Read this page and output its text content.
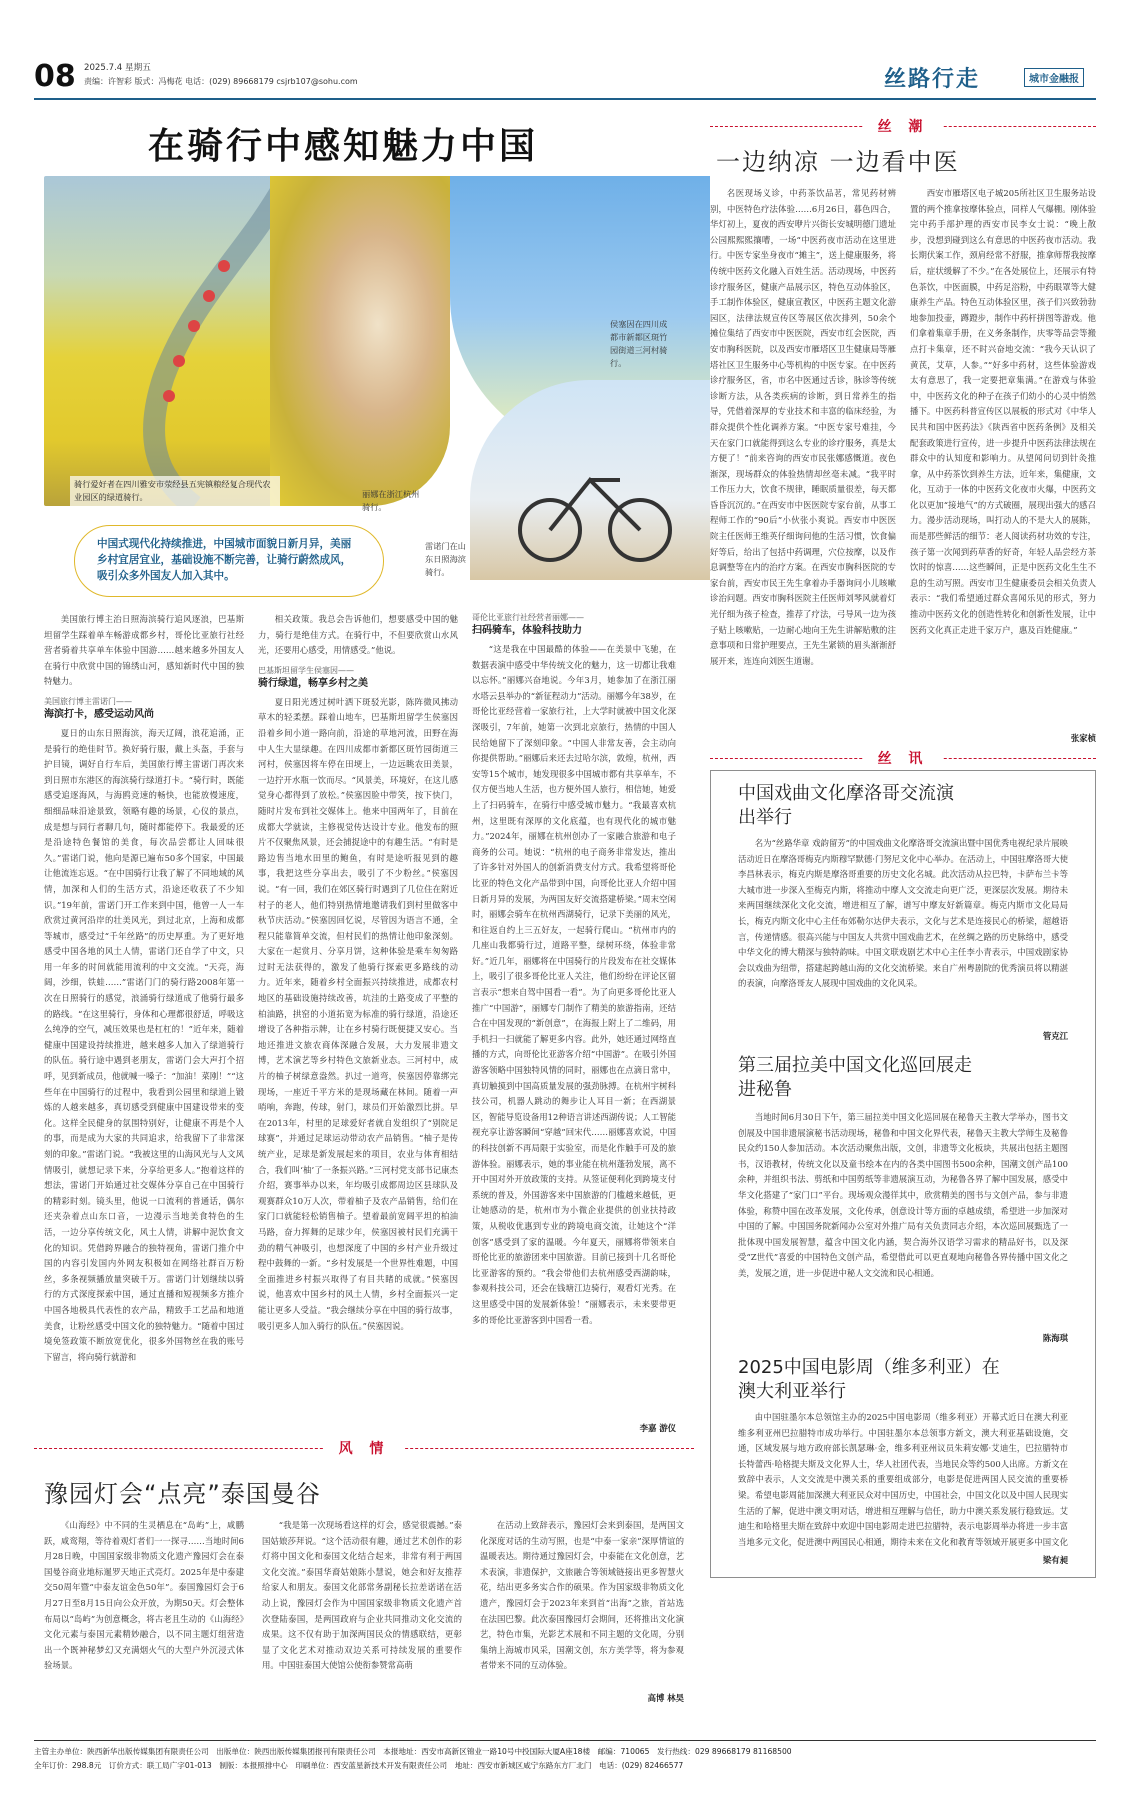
08 2025.7.4 星期五
责编：许智彩 版式：冯梅花 电话：(029) 89668179 csjrb107@sohu.com	丝路行走	城市金融报
在骑行中感知魅力中国
骑行爱好者在四川雅安市荥经县五宪镇粮经复合现代农业园区的绿道骑行。	丽娜在浙江杭州骑行。
侯塞因在四川成都市新都区斑竹园街道三河村骑行。
雷诺门在山东日照海滨骑行。
中国式现代化持续推进，中国城市面貌日新月异，美丽乡村宜居宜业，基础设施不断完善，让骑行蔚然成风，吸引众多外国友人加入其中。
美国旅行博主治日照海滨骑行追风逐浪，巴基斯坦留学生踩着单车畅游成都乡村，哥伦比亚旅行社经营者骑着共享单车体验中国游……越来越多外国友人在骑行中欣赏中国的锦绣山河，感知新时代中国的独特魅力。
美国旅行博主雷诺门——
海滨打卡，感受运动风尚
夏日的山东日照海滨，海天辽阔，浪花追涌，正是骑行的绝佳时节。换好骑行服，戴上头盔，手套与护目镜，调好自行车后，美国旅行博主雷诺门再次来到日照市东港区的海滨骑行绿道打卡。“骑行时，既能感受追逐海风，与海鸥竞速的畅快，也能放慢速度，细细品味沿途景致，领略有趣的场景，心仪的景点，成是想与同行者聊几句，随时都能停下。我最爱的还是沿途特色餐馆的美食，每次品尝都让人回味很久。”雷诺门说，他向是源已遍布50多个国家，中国最让他流连忘返。“在中国骑行让我了解了不同地域的风情，加深和人们的生活方式，沿途还收获了不少知识。”19年前，雷诺门开工作来到中国，他曾一人一车欣赏过黄河沿岸的壮美风光，到过北京，上海和成都等城市，感受过“千年丝路”的历史厚重。为了更好地感受中国各地的风土人情，雷诺门还自学了中文，只用一年多的时间就能用流利的中文交流。“天亮，海阔，沙细，铁蛙……”雷诺门门的骑行路2008年第一次在日照骑行的感觉，浪涌骑行绿道成了他骑行最多的路线。“在这里骑行，身体和心理都很舒适，呼吸这么纯净的空气，减压效果也是杠杠的！”近年来，随着健康中国建设持续推进，越来越多人加入了绿道骑行的队伍。骑行途中遇到老朋友，雷诺门会大声打个招呼，见到新成员，他就喊一嗓子：“加油！菜刚！”“这些年在中国骑行的过程中，我看到公园里和绿道上锻炼的人越来越多，真切感受到健康中国建设带来的变化。这样全民健身的氛围特别好，让健康不再是个人的事，而是成为大家的共同追求，给我留下了非常深刻的印象。”雷诺门说。“我被这里的山海风光与人文风情吸引，就想记录下来，分享给更多人。”抱着这样的想法，雷诺门开始通过社交媒体分享自己在中国骑行的精彩时刻。镜头里，他说一口流利的普通话，偶尔还夹杂着点山东口音，一边漫示当地美食特色的生活，一边分享传统文化，风土人情，讲解中泥饮食文化的知识。凭借跨界融合的独特视角，雷诺门推介中国的内容引发国内外网友积极如在网络社群百万粉丝，多条视频播放量突破千万。雷诺门计划继续以骑行的方式深度探索中国，通过直播和短视频多方推介中国各地极具代表性的农产品，精致手工艺品和地道美食，让粉丝感受中国文化的独特魅力。“随着中国过境免签政策不断放宽优化，很多外国物丝在我的账号下留言，将向骑行就游和
相关政策。我总会告诉他们，想要感受中国的魅力，骑行是绝佳方式。在骑行中，不但要欣赏山水风光，还要用心感受，用情感受。”他说。
巴基斯坦留学生侯塞因——
骑行绿道，畅享乡村之美
夏日阳光透过树叶洒下斑驳光影，陈阵微风拂动草木的轻柔摆。踩着山地车，巴基斯坦留学生侯塞因沿着乡间小道一路向前，沿途的草地河流，田野在海中人生大显绿趣。在四川成都市新都区斑竹园街道三河村，侯塞因将车停在田埂上，一边远眺农田美景，一边拧开水瓶一饮而尽。“风景美，环境好，在这儿感觉身心都得到了放松。”侯塞因脸中带笑，按下快门，随时片发布到社交媒体上。他来中国两年了，目前在成都大学就读，主修视觉传达设计专业。他发布的照片不仅聚焦风景，还会捕捉途中的有趣生活。“有时是路边售当地水田里的鲍鱼，有时是途听报见到的趣事，我把这些分享出去，吸引了不少粉丝。”侯塞因说。“有一回，我们在郊区骑行时遇到了几位住在附近村子的老人，他们特别热情地邀请我们到村里做客中秋节庆活动。”侯塞因回忆说，尽管因为语言不通，全程只能靠简单交流，但村民们的热情让他印象深刻。大家在一起赏月、分享月饼，这种体验是乘车匆匆路过时无法获得的，激发了他骑行探索更多路线的动力。近年来，随着乡村全面振兴持续推进，成都农村地区的基础设施持续改善，坑洼的土路变成了平整的柏油路，拱窑的小道拓宽为标准的骑行绿道，沿途还增设了各种指示牌，让在乡村骑行既便捷又安心。当地还推进文旅农商体深融合发展，大力发展非遗文博，艺术演艺等乡村特色文旅新业态。三河村中，成片的柚子树绿意盎然。扒过一道弯，侯塞因停靠绑完现场，一座近千平方米的是现场藏在林间。随着一声哨响，奔跑，传球，射门，球员们开始激烈比拼。早在2013年，村里的足球爱好者就自发组织了“别院足球赛”，并通过足球运动带动农产品销售。“柚子是传统产业，足球是新发展起来的项目，农业与体育相结合，我们叫‘柚’了一条振兴路。”三河村党支部书记康杰介绍，赛事举办以来，年均吸引成都周边区县球队及观赛群众10万人次，带着柚子及农产品销售，给们在家门口就能轻松销售柚子。望着最前宽阔平坦的柏油马路，奋力挥舞的足球少年，侯塞因被村民们充满干劲的精气神吸引，也想深度了中国的乡村产业升级过程中鼓舞的一新。“乡村发展是一个世界性难题，中国全面推进乡村振兴取得了有目共睹的成就。”侯塞因说，他喜欢中国乡村的风土人情，乡村全面振兴一定能让更多人受益。“我会继续分享在中国的骑行故事，吸引更多人加入骑行的队伍。”侯塞因说。
哥伦比亚旅行社经营者丽娜——
扫码骑车，体验科技助力
“这是我在中国最酷的体验——在美景中飞驰，在数据表演中感受中华传统文化的魅力，这一切都让我难以忘怀。”丽娜兴奋地说。今年3月，她参加了在浙江丽水塔云县举办的“新征程动力”活动。丽娜今年38岁，在哥伦比亚经营着一家旅行社，上大学时就被中国文化深深吸引，7年前，她第一次到北京旅行，热情的中国人民给她留下了深刻印象。“中国人非常友善，会主动向你提供帮助。”丽娜后来还去过哈尔滨，敦煌，杭州，西安等15个城市，她发现很多中国城市都有共享单车，不仅方便当地人生活，也方便外国人旅行，相信她，她爱上了扫码骑车，在骑行中感受城市魅力。“我最喜欢杭州，这里既有深厚的文化底蕴，也有现代化的城市魅力。”2024年，丽娜在杭州创办了一家融合旅游和电子商务的公司。她说：“杭州的电子商务非常发达，推出了许多针对外国人的创新消费支付方式。我希望将哥伦比亚的特色文化产品带到中国，向哥伦比亚人介绍中国日新月异的发展，为两国友好交流搭建桥梁。”周末空闲时，丽娜会骑车在杭州西湖骑行，记录下美丽的风光，和往返自约上三五好友，一起骑行爬山。“杭州市内的几座山我都骑行过，道路平整，绿树环绕，体验非常好。”近几年，丽娜将在中国骑行的片段发布在社交媒体上，吸引了很多哥伦比亚人关注，他们纷纷在评论区留言表示“想来自驾中国看一看”。为了向更多哥伦比亚人推广“中国游”，丽娜专门制作了精美的旅游指南，还结合在中国发现的“新创意”，在海报上附上了二维码，用手机扫一扫就能了解更多内容。此外，她还通过网络直播的方式，向哥伦比亚游客介绍“中国游”。在吸引外国游客领略中国独特风情的同时，丽娜也在点滴日常中，真切触摸到中国高质量发展的强劲脉搏。在杭州宇树科技公司，机器人跳动的舞步让人耳目一新；在西湖景区，智能导览设备用12种语言讲述西湖传说；人工智能视充享让游客瞬间“穿越”回宋代……丽娜喜欢说，中国的科技创新不再局限于实验室，而是化作触手可及的旅游体验。丽娜表示，她的事业能在杭州蓬勃发展，离不开中国对外开放政策的支持。从签证便利化到跨境支付系统的普及，外国游客来中国旅游的门槛越来越低，更让她感动的是，杭州市为小微企业提供的创业扶持政策，从税收优惠到专业的跨境电商交流，让她这个“洋创客”感受到了家的温暖。今年夏天，丽娜将带领来自哥伦比亚的旅游团来中国旅游。目前已接到十几名哥伦比亚游客的预约。“我会带他们去杭州感受西湖韵味，参观科技公司，还会在钱塘江边骑行，观看灯光秀。在这里感受中国的发展新体验！”丽娜表示，未来要带更多的哥伦比亚游客到中国看一看。
李嘉 游仪
丝 潮
一边纳凉 一边看中医
名医现场义诊，中药茶饮品茗，常见药材辨别，中医特色疗法体验……6月26日，暮色四合，华灯初上，夏夜的西安咿片兴街长安城明德门遗址公园熙熙熙攘嘈，一场“中医药夜市活动在这里进行。中医专家坐身夜市“摊主”，送上健康服务，将传统中医药文化融入百姓生活。活动现场，中医药诊疗服务区，健康产品展示区，特色互动体验区，手工制作体验区，健康宣教区，中医药主题文化游园区，法律法规宣传区等展区依次排列，50余个摊位集结了西安市中医医院，西安市红会医院，西安市胸科医院，以及西安市雁塔区卫生健康局等雁塔社区卫生服务中心等机构的中医专家。在中医药诊疗服务区，省，市名中医通过舌诊，脉诊等传统诊断方法，从各类疾病的诊断，到日常养生的指导，凭借着深厚的专业技术和丰富的临床经验，为群众提供个性化调养方案。“中医专家号难挂，今天在家门口就能得到这么专业的诊疗服务，真是太方便了！”前来咨询的西安市民张娜感慨道。夜色渐深，现场群众的体验热情却丝毫未减。“我平时工作压力大，饮食不规律，睡眠质量很差，每天都昏昏沉沉的。”在西安市中医医院专家台前，从事工程师工作的“90后”小伙张小爽说。西安市中医医院主任医师王维英仔细询问他的生活习惯，饮食偏好等后，给出了包括中药调理，穴位按摩，以及作息调整等在内的治疗方案。在西安市胸科医院的专家台前，西安市民王先生拿着办手器询问小儿咳嗽诊治问题。西安市胸科医院主任医师刘琴风就着灯光仔细为孩子检查，推荐了疗法，弓导风一边为孩子贴上咳嗽贴，一边耐心地向王先生讲解贴敷的注意事项和日常护理要点，王先生紧锁的眉头渐渐舒展开来，连连向刘医生道谢。
西安市雁塔区电子城205所社区卫生服务站设置的两个推拿按摩体验点，同样人气爆棚。刚体验完中药手部护理的西安市民李女士说：“晚上散步，没想到碰到这么有意思的中医药夜市活动。我长期伏案工作，颈肩经常不舒服，推拿师帮我按摩后，症状缓解了不少。”在各处展位上，还展示有特色茶饮，中医面膜，中药足浴粉，中药眼罩等大健康养生产品。特色互动体验区里，孩子们兴致勃勃地参加投壶，蹲蹬步，制作中药杆拼图等游戏。他们拿着集章手册，在义务条制作，庆零等品尝等搬点打卡集章，还不时兴奋地交流：“我今天认识了黄芪，艾草，人参。”“好多中药材，这些体验游戏太有意思了，我一定要把章集满。”在游戏与体验中，中医药文化的种子在孩子们幼小的心灵中悄然播下。中医药科普宣传区以展板的形式对《中华人民共和国中医药法》《陕西省中医药条例》及相关配套政策进行宣传，进一步提升中医药法律法规在群众中的认知度和影响力。从望闻问切到针灸推拿，从中药茶饮到养生方法，近年来，集健康，文化，互动于一体的中医药文化夜市火爆，中医药文化以更加“接地气”的方式破圈，展现出强大的感召力。漫步活动现场，叫打动人的不是大人的展陈，而是那些鲜活的细节：老人阅读药材功效的专注，孩子第一次闻到药草香的好奇，年轻人品尝经方茶饮时的惊喜……这些瞬间，正是中医药文化生生不息的生动写照。西安市卫生健康委员会相关负责人表示：“我们希望通过群众喜闻乐见的形式，努力推动中医药文化的创造性转化和创新性发展，让中医药文化真正走进千家万户，惠及百姓健康。”
张家桢
丝 讯
中国戏曲文化摩洛哥交流演出举行
名为“丝路华章 戏韵留芳”的中国戏曲文化摩洛哥交流演出暨中国优秀电视纪录片展映活动近日在摩洛哥梅克内斯穆罕默德·门努尼文化中心举办。在活动上，中国驻摩洛哥大使李昌林表示，梅克内斯是摩洛哥重要的历史文化名城。此次活动从拉巴特，卡萨布兰卡等大城市进一步深入至梅克内斯，将推动中摩人文交流走向更广泛，更深层次发展。期待未来两国继续深化文化交流，增进相互了解，谱写中摩友好新篇章。梅克内斯市文化局局长，梅克内斯文化中心主任布郊勒尔达伊夫表示，文化与艺术是连接民心的桥梁，超越语言，传递情感。很高兴能与中国友人共赏中国戏曲艺术，在丝绸之路的历史脉络中，感受中华文化的博大精深与独特韵味。中国文联戏剧艺术中心主任李小青表示，中国戏剧家协会以戏曲为纽带，搭建起跨越山海的文化交流桥梁。来自广州粤剧院的优秀演员将以精湛的表演，向摩洛哥友人展现中国戏曲的文化风采。
管克江
第三届拉美中国文化巡回展走进秘鲁
当地时间6月30日下午，第三届拉美中国文化巡回展在秘鲁天主教大学举办，图书文创展及中国非遗展演秘书活动现场，秘鲁和中国文化界代表，秘鲁天主教大学师生及秘鲁民众约150人参加活动。本次活动聚焦出版，文创，非遗等文化板块，共展出包括主题图书，汉语教材，传统文化以及童书绘本在内的各类中国图书500余种，国潮文创产品100余种，并组织书法、剪纸和中国剪纸等非遗展演互动，为秘鲁各界了解中国发展，感受中华文化搭建了“家门口”平台。现场观众漫徉其中，欣赏精美的图书与文创产品，参与非遗体验，称赞中国在改革发展，文化传承，创意设计等方面的卓越成绩，希望进一步加深对中国的了解。中国国务院新闻办公室对外推广局有关负责同志介绍，本次巡回展甄选了一批体现中国发展智慧，蕴含中国文化内涵，契合海外汉语学习需求的精品好书，以及深受“Z世代”喜爱的中国特色文创产品，希望借此可以更直观地向秘鲁各界传播中国文化之美，发展之道，进一步促进中秘人文交流和民心相通。
陈海琪
2025中国电影周（维多利亚）在澳大利亚举行
由中国驻墨尔本总领馆主办的2025中国电影周（维多利亚）开幕式近日在澳大利亚维多利亚州巴拉腊特市成功举行。中国驻墨尔本总领事方新文，澳大利亚基础设施，交通，区域发展与地方政府部长凯瑟琳·金，维多利亚州议员朱莉安娜·艾迪生，巴拉腊特市长特蕾西·哈格提夫斯及文化界人士，华人社团代表，当地民众等约500人出席。方新文在致辞中表示，人文交流是中澳关系的重要组成部分，电影是促进两国人民交流的重要桥梁。希望电影周能加深澳大利亚民众对中国历史，中国社会，中国文化以及中国人民现实生活的了解，促进中澳文明对话，增进相互理解与信任，助力中澳关系发展行稳致远。艾迪生和哈格里夫斯在致辞中欢迎中国电影周走进巴拉腊特，表示电影周举办将进一步丰富当地多元文化，促进澳中两国民心相通，期待未来在文化和教育等领域开展更多中国文化
梁有昶
风 情
豫园灯会“点亮”泰国曼谷
《山海经》中不同的生灵栖息在“岛屿”上，咸鹏跃，咸鸾翔，等待着观灯者们一一探寻……当地时间6月28日晚，中国国家级非物质文化遗产豫园灯会在泰国曼谷商业地标暹罗天地正式亮灯。2025年是中泰建交50周年暨“中泰友谊金色50年”。泰国豫园灯会于6月27日至8月15日向公众开放，为期50天。灯会整体布局以“岛屿”为创意概念，将古老且生动的《山海经》文化元素与泰国元素精妙融合，以不同主题灯组营造出一个既神秘梦幻又充满烟火气的大型户外沉浸式体验场景。
“我是第一次现场看这样的灯会，感觉很震撼。”泰国姑娘莎拜说。“这个活动很有趣，通过艺术创作的彩灯将中国文化和泰国文化结合起来，非常有利于两国文化交流。”泰国华裔姑娘陈小慧说，她会和好友推荐给家人和朋友。泰国文化部常务副秘长拉差诺诺在活动上说，豫园灯会作为中国国家级非物质文化遗产首次登陆泰国，是两国政府与企业共同推动文化交流的成果。这不仅有助于加深两国民众的情感联结，更彰显了文化艺术对推动双边关系可持续发展的重要作用。中国驻泰国大使馆公使衔参赞常高萌
在活动上致辞表示，豫园灯会来到泰国，是两国文化深度对话的生动写照，也是“中泰一家亲”深厚情谊的温暖表达。期待通过豫园灯会，中泰能在文化创意，艺术表演，非遗保护，文旅融合等领域链接出更多智慧火花，结出更多务实合作的硕果。作为国家级非物质文化遗产，豫园灯会于2023年来到首“出海”之旅，首站选在法国巴黎。此次泰国豫园灯会期间，还将推出文化演艺，特色市集，光影艺术展和不同主题的文化周，分别集纳上海城市风采，国潮文创，东方美学等，将为参观者带来不同的互动体验。
高博 林昊
主管主办单位：陕西新华出版传媒集团有限责任公司　出版单位：陕西出版传媒集团报刊有限责任公司　本报地址：西安市高新区锦业一路10号中投国际大厦A座18楼　邮编：710065　发行热线：029 89668179 81168500
全年订价：298.8元　订价方式：联工局广字01-013　制版：本报照排中心　印刷单位：西安蓝星新技术开发有限责任公司　地址：西安市新城区咸宁东路东方厂北门　电话：(029) 82466577
